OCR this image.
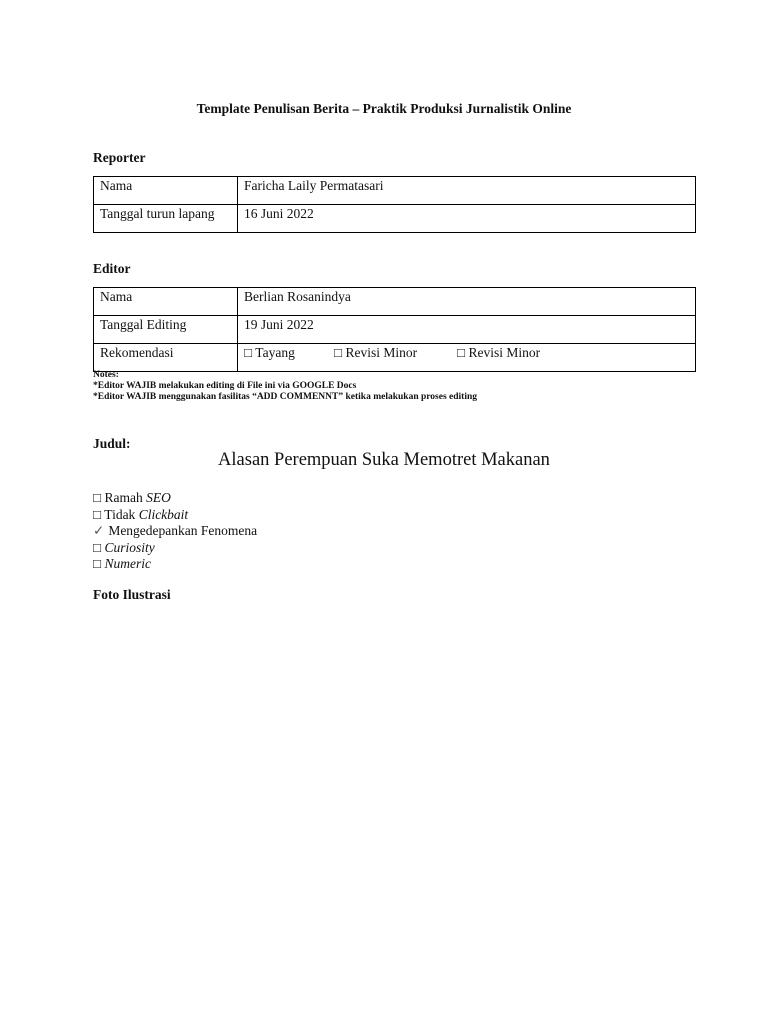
Template Penulisan Berita – Praktik Produksi Jurnalistik Online
Reporter
Nama	Faricha Laily Permatasari
Tanggal turun lapang	16 Juni 2022
Editor
Nama	Berlian Rosanindya
Tanggal Editing	19 Juni 2022
Rekomendasi	□ Tayang □ Revisi Minor □ Revisi Minor
Notes:
*Editor WAJIB melakukan editing di File ini via GOOGLE Docs
*Editor WAJIB menggunakan fasilitas “ADD COMMENNT” ketika melakukan proses editing
Judul:
Alasan Perempuan Suka Memotret Makanan
□ Ramah SEO
□ Tidak Clickbait
✓ Mengedepankan Fenomena
□ Curiosity
□ Numeric
Foto Ilustrasi
